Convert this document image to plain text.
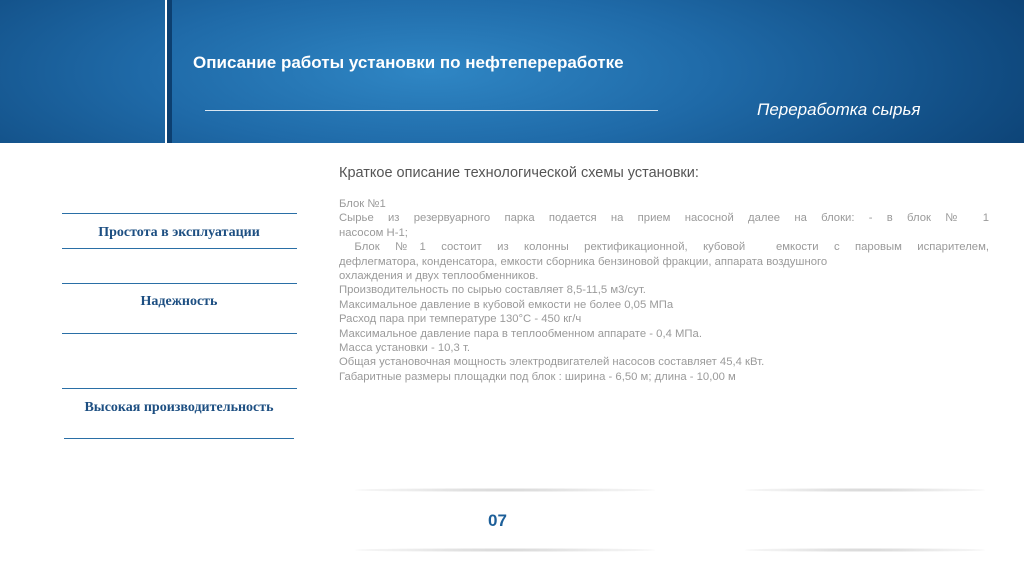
Описание работы установки по нефтепереработке
Переработка сырья
Простота в эксплуатации
Надежность
Высокая производительность
Краткое описание технологической схемы установки:
Блок №1
Сырье из резервуарного парка подается на прием насосной далее на блоки: - в блок № 1
насосом Н-1;
Блок №1 состоит из колонны ректификационной, кубовой  емкости с паровым испарителем,
дефлегматора, конденсатора, емкости сборника бензиновой фракции, аппарата воздушного
охлаждения и двух теплообменников.
Производительность по сырью составляет 8,5-11,5 м3/сут.
Максимальное давление в кубовой емкости не более 0,05 МПа
Расход пара при температуре 130°С - 450 кг/ч
Максимальное давление пара в теплообменном аппарате - 0,4 МПа.
Масса установки - 10,3 т.
Общая установочная мощность электродвигателей насосов составляет 45,4 кВт.
Габаритные размеры площадки под блок : ширина - 6,50 м; длина - 10,00 м
07
